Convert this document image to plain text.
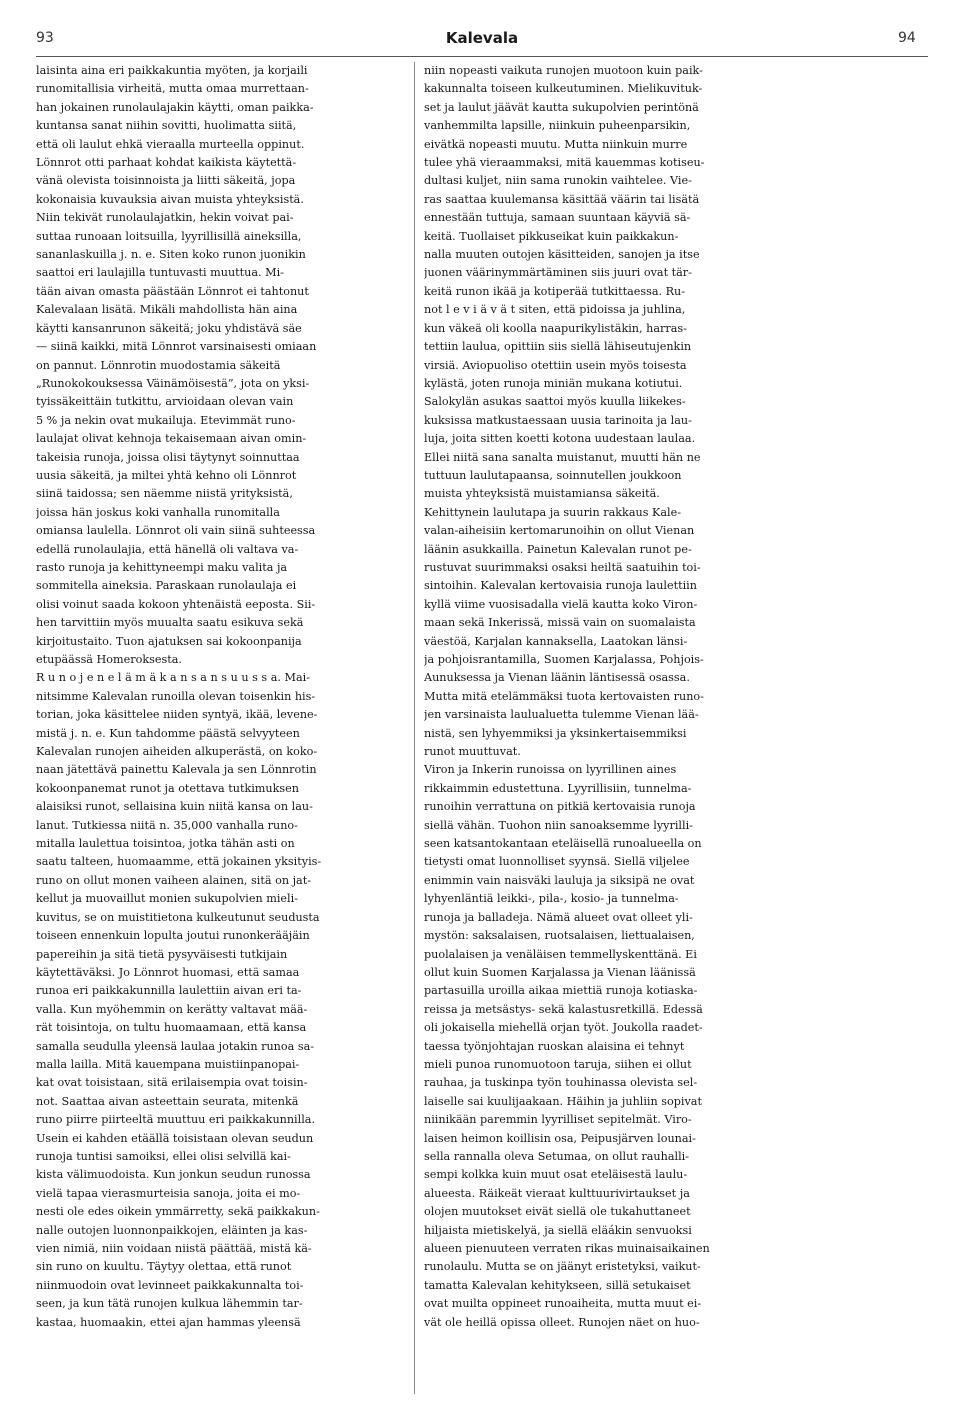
93	Kalevala	94
laisinta aina eri paikkakuntia myöten, ja korjaili
runomitallisia virheitä, mutta omaa murrettaan-
han jokainen runolaulajakin käytti, oman paikka-
kuntansa sanat niihin sovitti, huolimatta siitä,
että oli laulut ehkä vieraalla murteella oppinut.
Lönnrot otti parhaat kohdat kaikista käytettä-
vänä olevista toisinnoista ja liitti säkeitä, jopa
kokonaisia kuvauksia aivan muista yhteyksistä.
Niin tekivät runolaulajatkin, hekin voivat pai-
suttaa runoaan loitsuilla, lyyrillisillä aineksilla,
sananlaskuilla j. n. e. Siten koko runon juonikin
saattoi eri laulajilla tuntuvasti muuttua. Mi-
tään aivan omasta päästään Lönnrot ei tahtonut
Kalevalaan lisätä. Mikäli mahdollista hän aina
käytti kansanrunon säkeitä; joku yhdistävä säe
— siinä kaikki, mitä Lönnrot varsinaisesti omiaan
on pannut. Lönnrotin muodostamia säkeitä
„Runokokouksessa Väinämöisestä”, jota on yksi-
tyissäkeittäin tutkittu, arvioidaan olevan vain
5 % ja nekin ovat mukailuja. Etevimmät runo-
laulajat olivat kehnoja tekaisemaan aivan omin-
takeisia runoja, joissa olisi täytynyt soinnuttaa
uusia säkeitä, ja miltei yhtä kehno oli Lönnrot
siinä taidossa; sen näemme niistä yrityksistä,
joissa hän joskus koki vanhalla runomitalla
omiansa laulella. Lönnrot oli vain siinä suhteessa
edellä runolaulajia, että hänellä oli valtava va-
rasto runoja ja kehittyneempi maku valita ja
sommitella aineksia. Paraskaan runolaulaja ei
olisi voinut saada kokoon yhtenäistä eeposta. Sii-
hen tarvittiin myös muualta saatu esikuva sekä
kirjoitustaito. Tuon ajatuksen sai kokoonpanija
etupäässä Homeroksesta.
R u n o j e n e l ä m ä k a n s a n s u u s s a. Mai-
nitsimme Kalevalan runoilla olevan toisenkin his-
torian, joka käsittelee niiden syntyä, ikää, levene-
mistä j. n. e. Kun tahdomme päästä selvyyteen
Kalevalan runojen aiheiden alkuperästä, on koko-
naan jätettävä painettu Kalevala ja sen Lönnrotin
kokoonpanemat runot ja otettava tutkimuksen
alaisiksi runot, sellaisina kuin niitä kansa on lau-
lanut. Tutkiessa niitä n. 35,000 vanhalla runo-
mitalla laulettua toisintoa, jotka tähän asti on
saatu talteen, huomaamme, että jokainen yksityis-
runo on ollut monen vaiheen alainen, sitä on jat-
kellut ja muovaillut monien sukupolvien mieli-
kuvitus, se on muistitietona kulkeutunut seudusta
toiseen ennenkuin lopulta joutui runonkerääjäin
papereihin ja sitä tietä pysyväisesti tutkijain
käytettäväksi. Jo Lönnrot huomasi, että samaa
runoa eri paikkakunnilla laulettiin aivan eri ta-
valla. Kun myöhemmin on kerätty valtavat mää-
rät toisintoja, on tultu huomaamaan, että kansa
samalla seudulla yleensä laulaa jotakin runoa sa-
malla lailla. Mitä kauempana muistiinpanopai-
kat ovat toisistaan, sitä erilaisempia ovat toisin-
not. Saattaa aivan asteettain seurata, mitenkä
runo piirre piirteeltä muuttuu eri paikkakunnilla.
Usein ei kahden etäällä toisistaan olevan seudun
runoja tuntisi samoiksi, ellei olisi selvillä kai-
kista välimuodoista. Kun jonkun seudun runossa
vielä tapaa vierasmurteisia sanoja, joita ei mo-
nesti ole edes oikein ymmärretty, sekä paikkakun-
nalle outojen luonnonpaikkojen, eläinten ja kas-
vien nimiä, niin voidaan niistä päättää, mistä kä-
sin runo on kuultu. Täytyy olettaa, että runot
niinmuodoin ovat levinneet paikkakunnalta toi-
seen, ja kun tätä runojen kulkua lähemmin tar-
kastaa, huomaakin, ettei ajan hammas yleensä
niin nopeasti vaikuta runojen muotoon kuin paik-
kakunnalta toiseen kulkeutuminen. Mielikuvituk-
set ja laulut jäävät kautta sukupolvien perintönä
vanhemmilta lapsille, niinkuin puheenparsikin,
eivätkä nopeasti muutu. Mutta niinkuin murre
tulee yhä vieraammaksi, mitä kauemmas kotiseu-
dultasi kuljet, niin sama runokin vaihtelee. Vie-
ras saattaa kuulemansa käsittää väärin tai lisätä
ennestään tuttuja, samaan suuntaan käyviä sä-
keitä. Tuollaiset pikkuseikat kuin paikkakun-
nalla muuten outojen käsitteiden, sanojen ja itse
juonen väärinymmärtäminen siis juuri ovat tär-
keitä runon ikää ja kotiperää tutkittaessa. Ru-
not l e v i ä v ä t siten, että pidoissa ja juhlina,
kun väkeä oli koolla naapurikylistäkin, harras-
tettiin laulua, opittiin siis siellä lähiseutujenkin
virsiä. Aviopuoliso otettiin usein myös toisesta
kylästä, joten runoja miniän mukana kotiutui.
Salokylän asukas saattoi myös kuulla liikekes-
kuksissa matkustaessaan uusia tarinoita ja lau-
luja, joita sitten koetti kotona uudestaan laulaa.
Ellei niitä sana sanalta muistanut, muutti hän ne
tuttuun laulutapaansa, soinnutellen joukkoon
muista yhteyksistä muistamiansa säkeitä.
Kehittynein laulutapa ja suurin rakkaus Kale-
valan-aiheisiin kertomarunoihin on ollut Vienan
läänin asukkailla. Painetun Kalevalan runot pe-
rustuvat suurimmaksi osaksi heiltä saatuihin toi-
sintoihin. Kalevalan kertovaisia runoja laulettiin
kyllä viime vuosisadalla vielä kautta koko Viron-
maan sekä Inkerissä, missä vain on suomalaista
väestöä, Karjalan kannaksella, Laatokan länsi-
ja pohjoisrantamilla, Suomen Karjalassa, Pohjois-
Aunuksessa ja Vienan läänin läntisessä osassa.
Mutta mitä etelämmäksi tuota kertovaisten runo-
jen varsinaista laulualuetta tulemme Vienan lää-
nistä, sen lyhyemmiksi ja yksinkertaisemmiksi
runot muuttuvat.
Viron ja Inkerin runoissa on lyyrillinen aines
rikkaimmin edustettuna. Lyyrillisiin, tunnelma-
runoihin verrattuna on pitkiä kertovaisia runoja
siellä vähän. Tuohon niin sanoaksemme lyyrilli-
seen katsantokantaan eteläisellä runoalueella on
tietysti omat luonnolliset syynsä. Siellä viljelee
enimmin vain naisväki lauluja ja siksipä ne ovat
lyhyenläntiä leikki-, pila-, kosio- ja tunnelma-
runoja ja balladeja. Nämä alueet ovat olleet yli-
mystön: saksalaisen, ruotsalaisen, liettualaisen,
puolalaisen ja venäläisen temmellyskenttänä. Ei
ollut kuin Suomen Karjalassa ja Vienan läänissä
partasuilla uroilla aikaa miettiä runoja kotiaska-
reissa ja metsästys- sekä kalastusretkillä. Edessä
oli jokaisella miehellä orjan työt. Joukolla raadet-
taessa työnjohtajan ruoskan alaisina ei tehnyt
mieli punoa runomuotoon taruja, siihen ei ollut
rauhaa, ja tuskinpa työn touhinassa olevista sel-
laiselle sai kuulijaakaan. Häihin ja juhliin sopivat
niinikään paremmin lyyrilliset sepitelmät. Viro-
laisen heimon koillisin osa, Peipusjärven lounai-
sella rannalla oleva Setumaa, on ollut rauhalli-
sempi kolkka kuin muut osat eteläisestä laulu-
alueesta. Räikeät vieraat kulttuurivirtaukset ja
olojen muutokset eivät siellä ole tukahuttaneet
hiljaista mietiskelyä, ja siellä eläákin senvuoksi
alueen pienuuteen verraten rikas muinaisaikainen
runolaulu. Mutta se on jäänyt eristetyksi, vaikut-
tamatta Kalevalan kehitykseen, sillä setukaiset
ovat muilta oppineet runoaiheita, mutta muut ei-
vät ole heillä opissa olleet. Runojen näet on huo-
